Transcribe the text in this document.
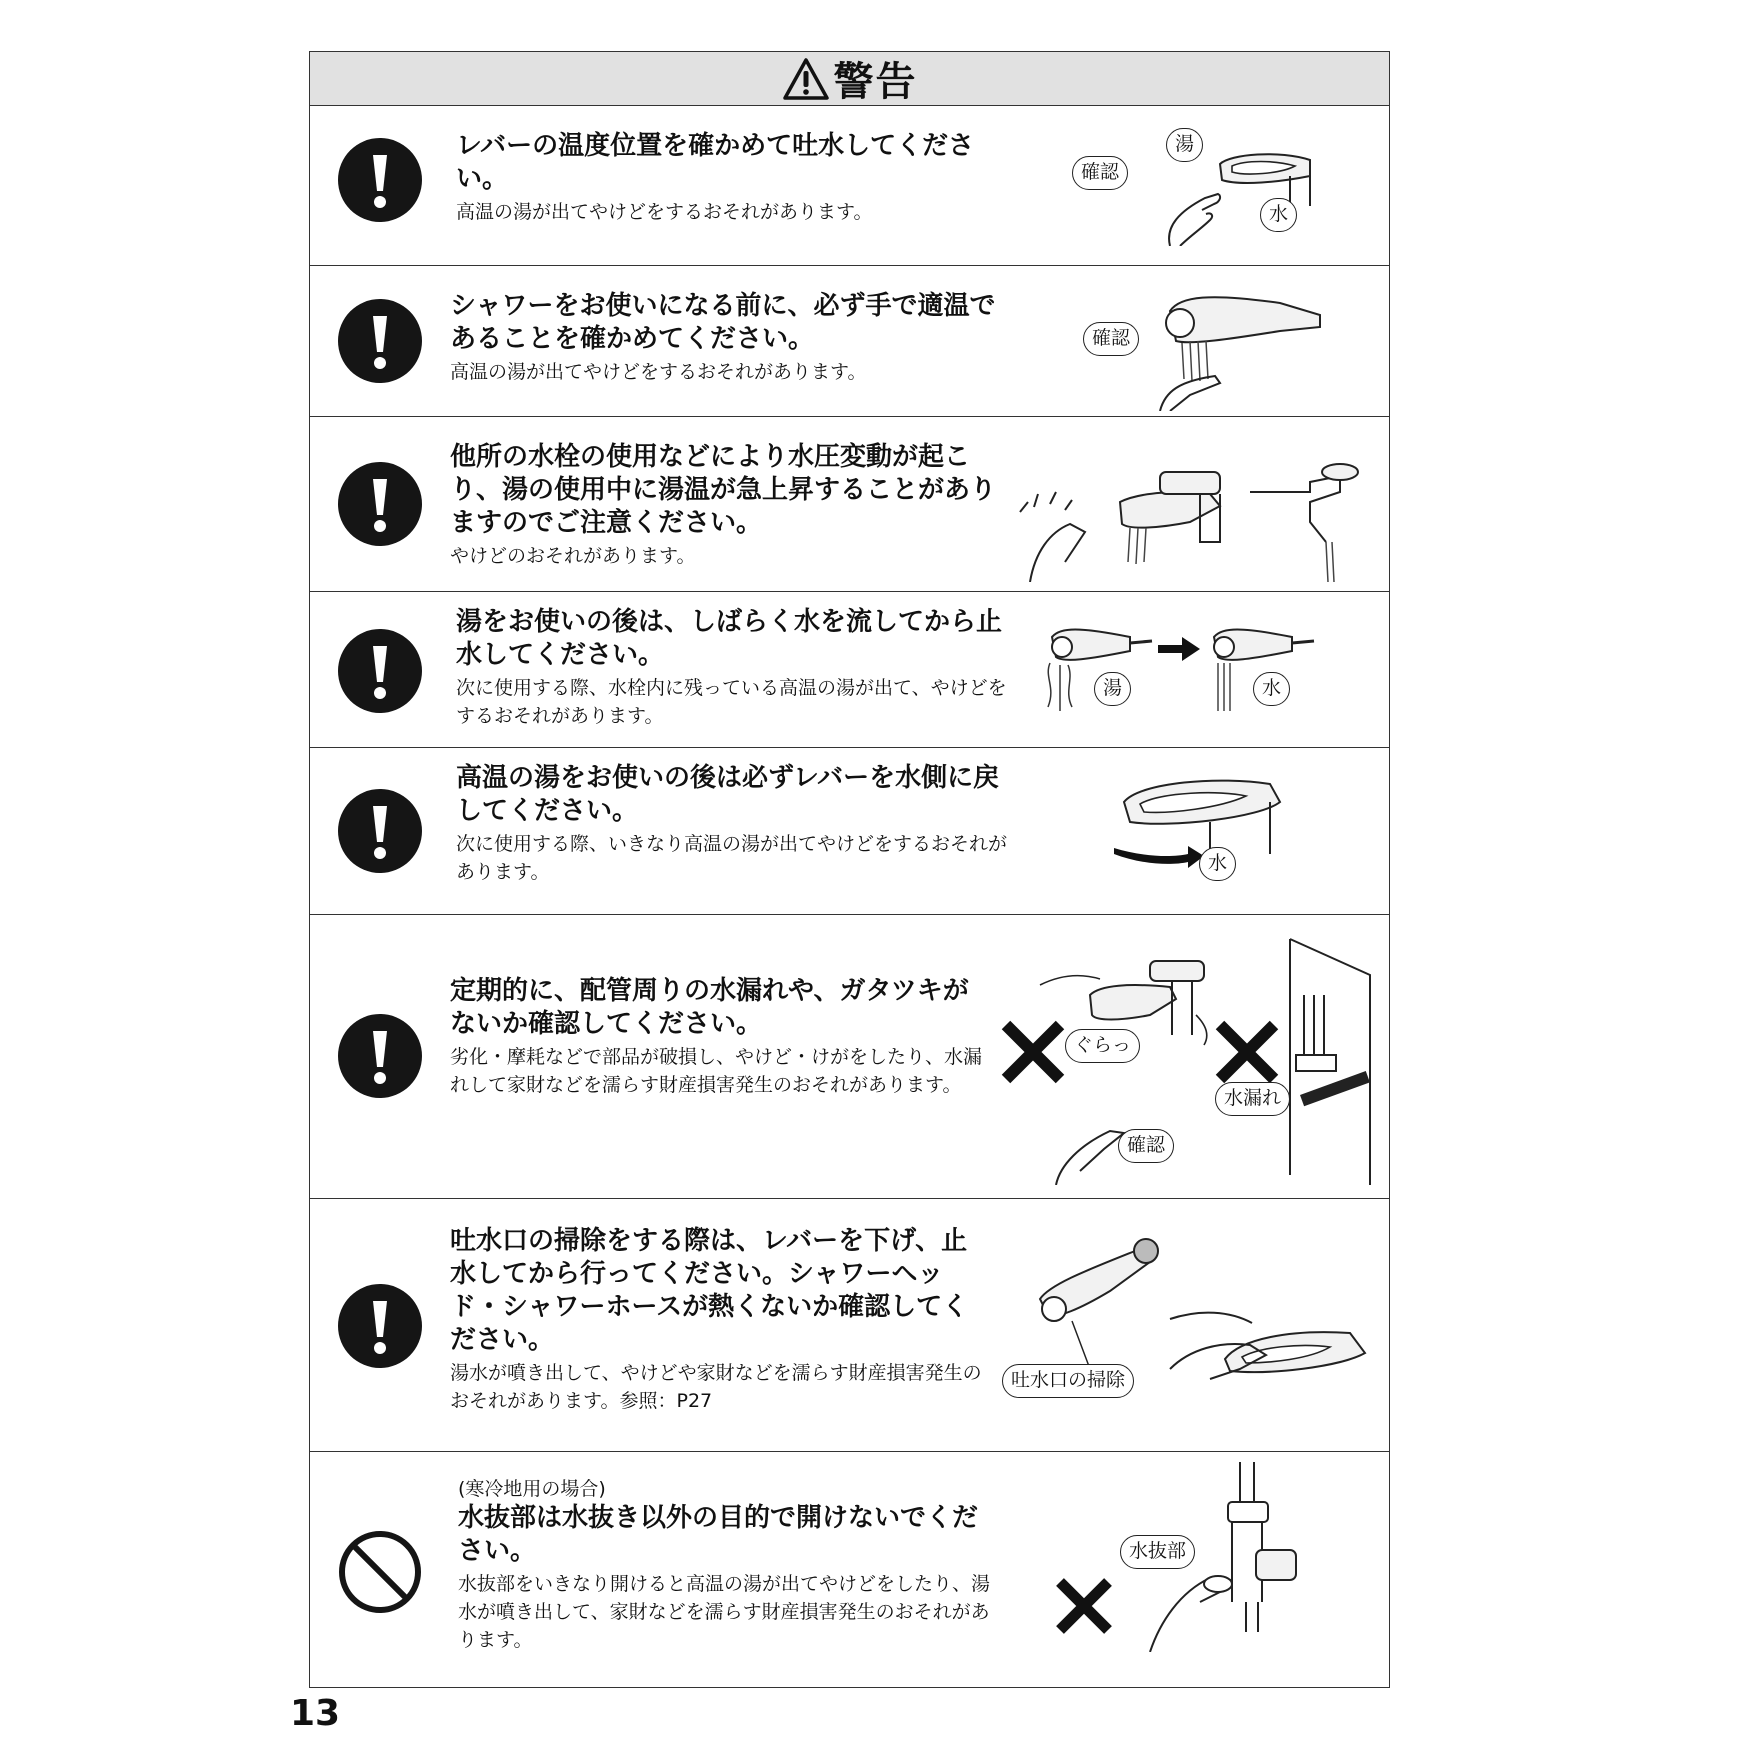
警告
レバーの温度位置を確かめて吐水してください。
高温の湯が出てやけどをするおそれがあります。
確認
湯
水
シャワーをお使いになる前に、必ず手で適温であることを確かめてください。
高温の湯が出てやけどをするおそれがあります。
確認
他所の水栓の使用などにより水圧変動が起こり、湯の使用中に湯温が急上昇することがありますのでご注意ください。
やけどのおそれがあります。
湯をお使いの後は、しばらく水を流してから止水してください。
次に使用する際、水栓内に残っている高温の湯が出て、やけどをするおそれがあります。
湯	水
高温の湯をお使いの後は必ずレバーを水側に戻してください。
次に使用する際、いきなり高温の湯が出てやけどをするおそれがあります。	水
定期的に、配管周りの水漏れや、ガタツキがないか確認してください。
劣化・摩耗などで部品が破損し、やけど・けがをしたり、水漏れして家財などを濡らす財産損害発生のおそれがあります。
ぐらっ
確認
水漏れ
吐水口の掃除をする際は、レバーを下げ、止水してから行ってください。シャワーヘッド・シャワーホースが熱くないか確認してください。
湯水が噴き出して、やけどや家財などを濡らす財産損害発生のおそれがあります。参照：P27
吐水口の掃除
(寒冷地用の場合)
水抜部は水抜き以外の目的で開けないでください。
水抜部をいきなり開けると高温の湯が出てやけどをしたり、湯水が噴き出して、家財などを濡らす財産損害発生のおそれがあります。
水抜部
13
